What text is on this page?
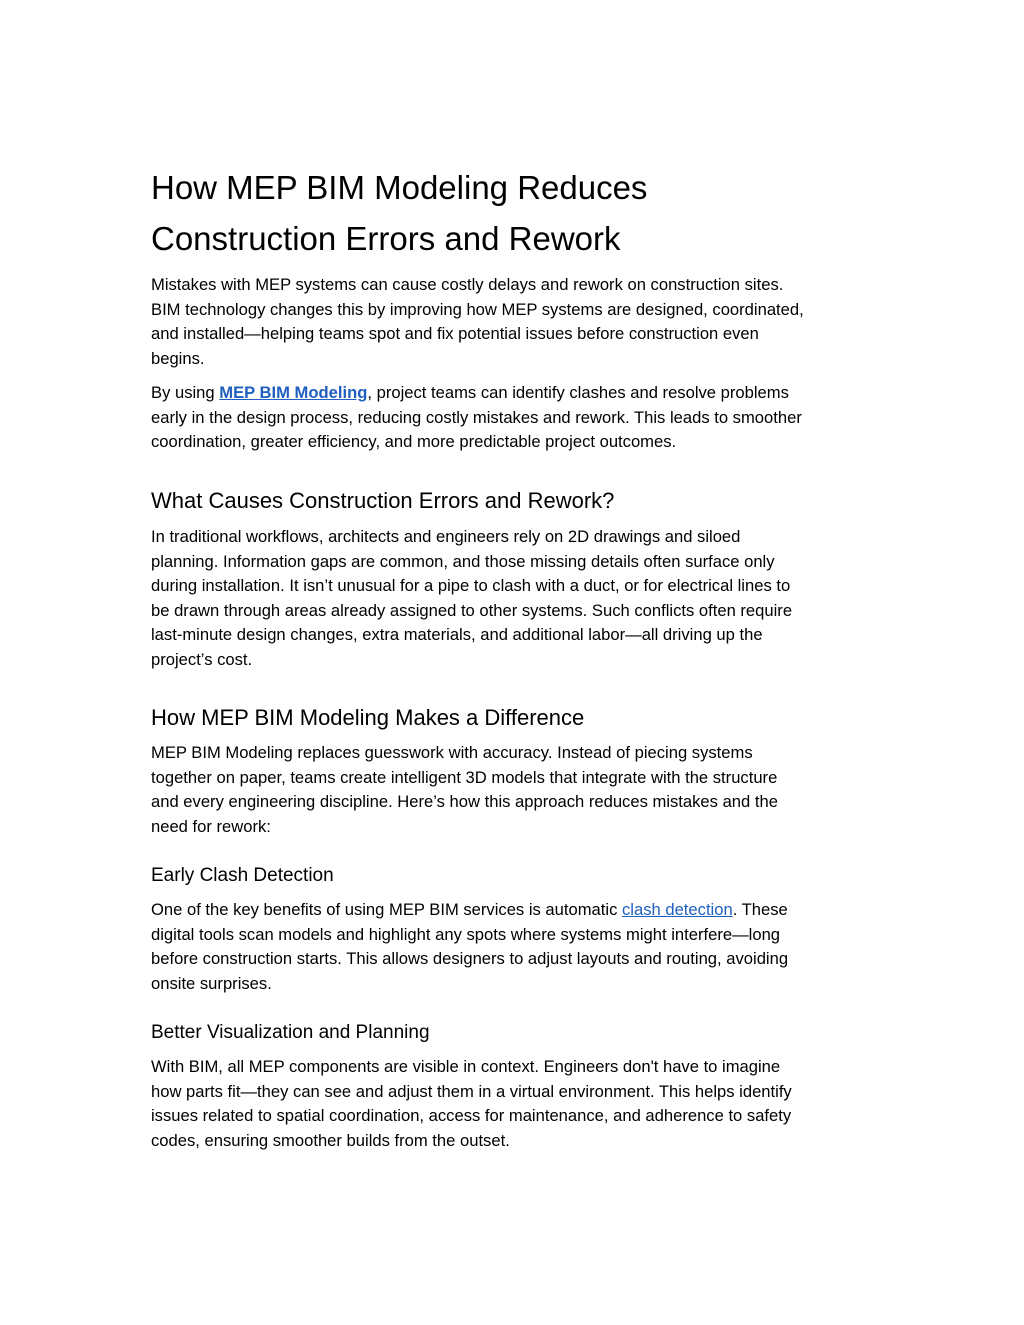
How MEP BIM Modeling Reduces
Construction Errors and Rework
Mistakes with MEP systems can cause costly delays and rework on construction sites.
BIM technology changes this by improving how MEP systems are designed, coordinated,
and installed—helping teams spot and fix potential issues before construction even
begins.
By using MEP BIM Modeling, project teams can identify clashes and resolve problems
early in the design process, reducing costly mistakes and rework. This leads to smoother
coordination, greater efficiency, and more predictable project outcomes.
What Causes Construction Errors and Rework?
In traditional workflows, architects and engineers rely on 2D drawings and siloed
planning. Information gaps are common, and those missing details often surface only
during installation. It isn’t unusual for a pipe to clash with a duct, or for electrical lines to
be drawn through areas already assigned to other systems. Such conflicts often require
last-minute design changes, extra materials, and additional labor—all driving up the
project’s cost.
How MEP BIM Modeling Makes a Difference
MEP BIM Modeling replaces guesswork with accuracy. Instead of piecing systems
together on paper, teams create intelligent 3D models that integrate with the structure
and every engineering discipline. Here’s how this approach reduces mistakes and the
need for rework:
Early Clash Detection
One of the key benefits of using MEP BIM services is automatic clash detection. These
digital tools scan models and highlight any spots where systems might interfere—long
before construction starts. This allows designers to adjust layouts and routing, avoiding
onsite surprises.
Better Visualization and Planning
With BIM, all MEP components are visible in context. Engineers don't have to imagine
how parts fit—they can see and adjust them in a virtual environment. This helps identify
issues related to spatial coordination, access for maintenance, and adherence to safety
codes, ensuring smoother builds from the outset.
